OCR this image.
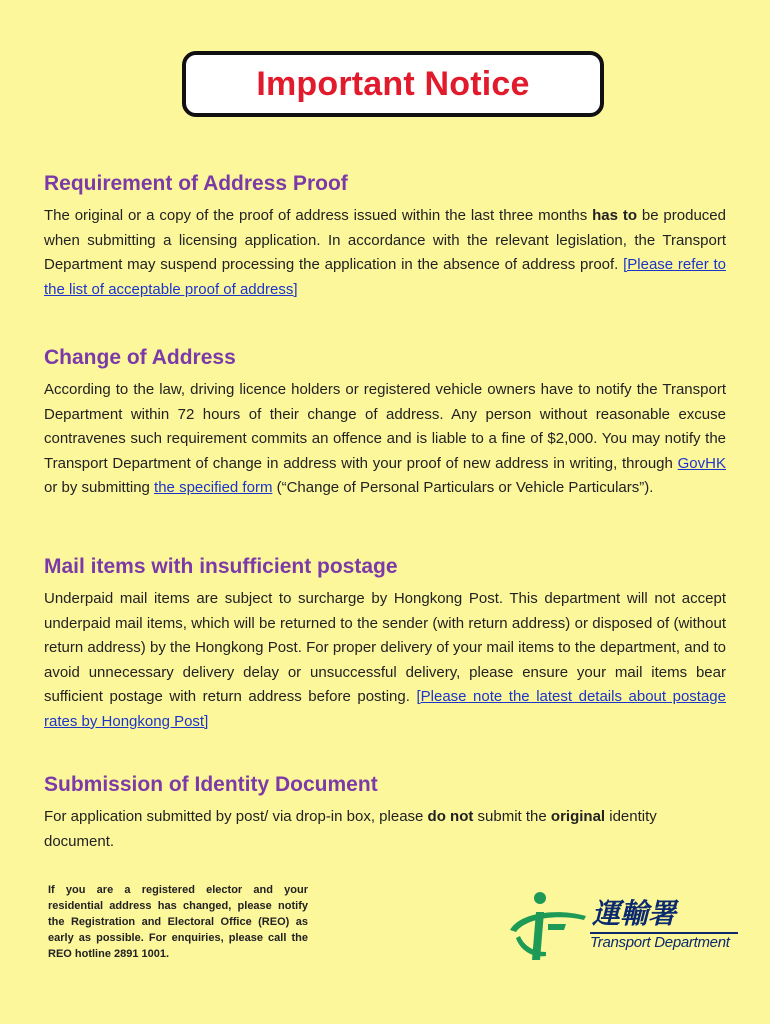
Important Notice
Requirement of Address Proof

The original or a copy of the proof of address issued within the last three months has to be produced when submitting a licensing application. In accordance with the relevant legislation, the Transport Department may suspend processing the application in the absence of address proof. [Please refer to the list of acceptable proof of address]

Change of Address

According to the law, driving licence holders or registered vehicle owners have to notify the Transport Department within 72 hours of their change of address. Any person without reasonable excuse contravenes such requirement commits an offence and is liable to a fine of $2,000. You may notify the Transport Department of change in address with your proof of new address in writing, through GovHK or by submitting the specified form (“Change of Personal Particulars or Vehicle Particulars”).

Mail items with insufficient postage

Underpaid mail items are subject to surcharge by Hongkong Post. This department will not accept underpaid mail items, which will be returned to the sender (with return address) or disposed of (without return address) by the Hongkong Post. For proper delivery of your mail items to the department, and to avoid unnecessary delivery delay or unsuccessful delivery, please ensure your mail items bear sufficient postage with return address before posting. [Please note the latest details about postage rates by Hongkong Post]

Submission of Identity Document

For application submitted by post/ via drop-in box, please do not submit the original identity document.

If you are a registered elector and your residential address has changed, please notify the Registration and Electoral Office (REO) as early as possible. For enquiries, please call the REO hotline 2891 1001.
運輸署
Transport Department
